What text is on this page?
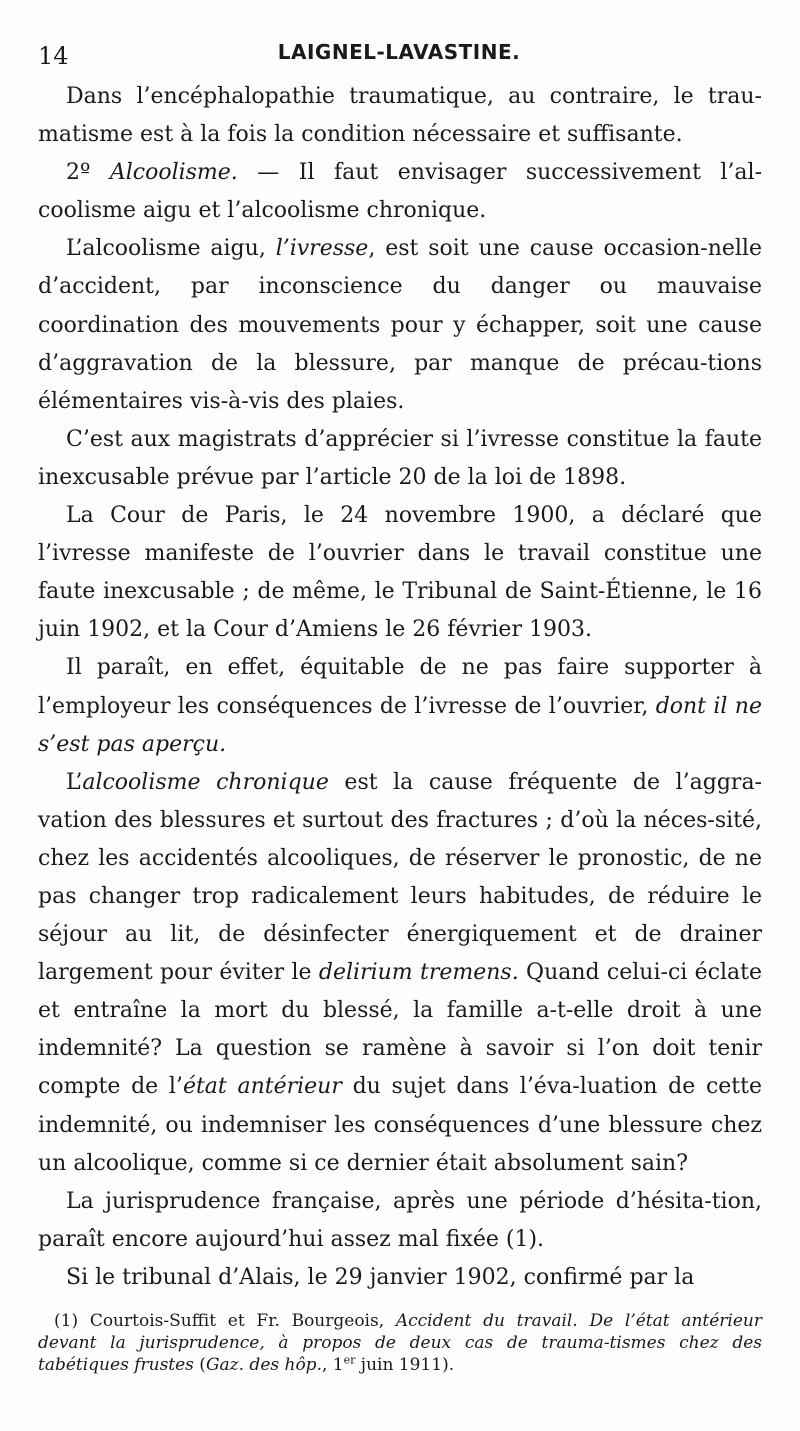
14	LAIGNEL-LAVASTINE.

Dans l’encéphalopathie traumatique, au contraire, le trau-matisme est à la fois la condition nécessaire et suffisante.

2º Alcoolisme. — Il faut envisager successivement l’al-coolisme aigu et l’alcoolisme chronique.

L’alcoolisme aigu, l’ivresse, est soit une cause occasion-nelle d’accident, par inconscience du danger ou mauvaise coordination des mouvements pour y échapper, soit une cause d’aggravation de la blessure, par manque de précau-tions élémentaires vis-à-vis des plaies.

C’est aux magistrats d’apprécier si l’ivresse constitue la faute inexcusable prévue par l’article 20 de la loi de 1898.

La Cour de Paris, le 24 novembre 1900, a déclaré que l’ivresse manifeste de l’ouvrier dans le travail constitue une faute inexcusable ; de même, le Tribunal de Saint-Étienne, le 16 juin 1902, et la Cour d’Amiens le 26 février 1903.

Il paraît, en effet, équitable de ne pas faire supporter à l’employeur les conséquences de l’ivresse de l’ouvrier, dont il ne s’est pas aperçu.

L’alcoolisme chronique est la cause fréquente de l’aggra-vation des blessures et surtout des fractures ; d’où la néces-sité, chez les accidentés alcooliques, de réserver le pronostic, de ne pas changer trop radicalement leurs habitudes, de réduire le séjour au lit, de désinfecter énergiquement et de drainer largement pour éviter le delirium tremens. Quand celui-ci éclate et entraîne la mort du blessé, la famille a-t-elle droit à une indemnité? La question se ramène à savoir si l’on doit tenir compte de l’état antérieur du sujet dans l’éva-luation de cette indemnité, ou indemniser les conséquences d’une blessure chez un alcoolique, comme si ce dernier était absolument sain?

La jurisprudence française, après une période d’hésita-tion, paraît encore aujourd’hui assez mal fixée (1).

Si le tribunal d’Alais, le 29 janvier 1902, confirmé par la

(1) Courtois-Suffit et Fr. Bourgeois, Accident du travail. De l’état antérieur devant la jurisprudence, à propos de deux cas de trauma-tismes chez des tabétiques frustes (Gaz. des hôp., 1er juin 1911).
